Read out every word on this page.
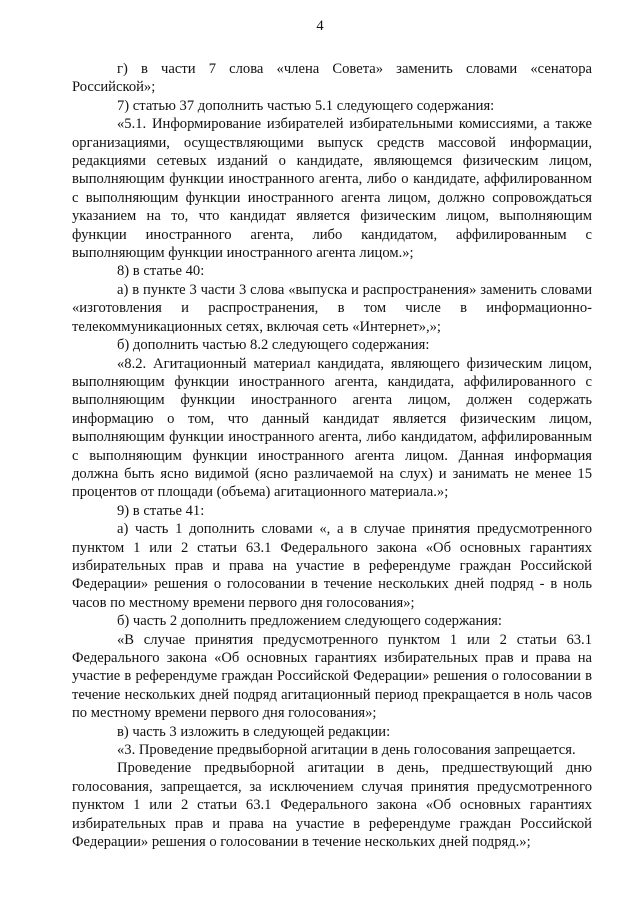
4

г) в части 7 слова «члена Совета» заменить словами «сенатора Российской»;

7) статью 37 дополнить частью 5.1 следующего содержания:

«5.1. Информирование избирателей избирательными комиссиями, а также организациями, осуществляющими выпуск средств массовой информации, редакциями сетевых изданий о кандидате, являющемся физическим лицом, выполняющим функции иностранного агента, либо о кандидате, аффилированном с выполняющим функции иностранного агента лицом, должно сопровождаться указанием на то, что кандидат является физическим лицом, выполняющим функции иностранного агента, либо кандидатом, аффилированным с выполняющим функции иностранного агента лицом.»;

8) в статье 40:

а) в пункте 3 части 3 слова «выпуска и распространения» заменить словами «изготовления и распространения, в том числе в информационно-телекоммуникационных сетях, включая сеть «Интернет»,»;

б) дополнить частью 8.2 следующего содержания:

«8.2. Агитационный материал кандидата, являющего физическим лицом, выполняющим функции иностранного агента, кандидата, аффилированного с выполняющим функции иностранного агента лицом, должен содержать информацию о том, что данный кандидат является физическим лицом, выполняющим функции иностранного агента, либо кандидатом, аффилированным с выполняющим функции иностранного агента лицом. Данная информация должна быть ясно видимой (ясно различаемой на слух) и занимать не менее 15 процентов от площади (объема) агитационного материала.»;

9) в статье 41:

а) часть 1 дополнить словами «, а в случае принятия предусмотренного пунктом 1 или 2 статьи 63.1 Федерального закона «Об основных гарантиях избирательных прав и права на участие в референдуме граждан Российской Федерации» решения о голосовании в течение нескольких дней подряд - в ноль часов по местному времени первого дня голосования»;

б) часть 2 дополнить предложением следующего содержания:

«В случае принятия предусмотренного пунктом 1 или 2 статьи 63.1 Федерального закона «Об основных гарантиях избирательных прав и права на участие в референдуме граждан Российской Федерации» решения о голосовании в течение нескольких дней подряд агитационный период прекращается в ноль часов по местному времени первого дня голосования»;

в) часть 3 изложить в следующей редакции:

«3. Проведение предвыборной агитации в день голосования запрещается.

Проведение предвыборной агитации в день, предшествующий дню голосования, запрещается, за исключением случая принятия предусмотренного пунктом 1 или 2 статьи 63.1 Федерального закона «Об основных гарантиях избирательных прав и права на участие в референдуме граждан Российской Федерации» решения о голосовании в течение нескольких дней подряд.»;
